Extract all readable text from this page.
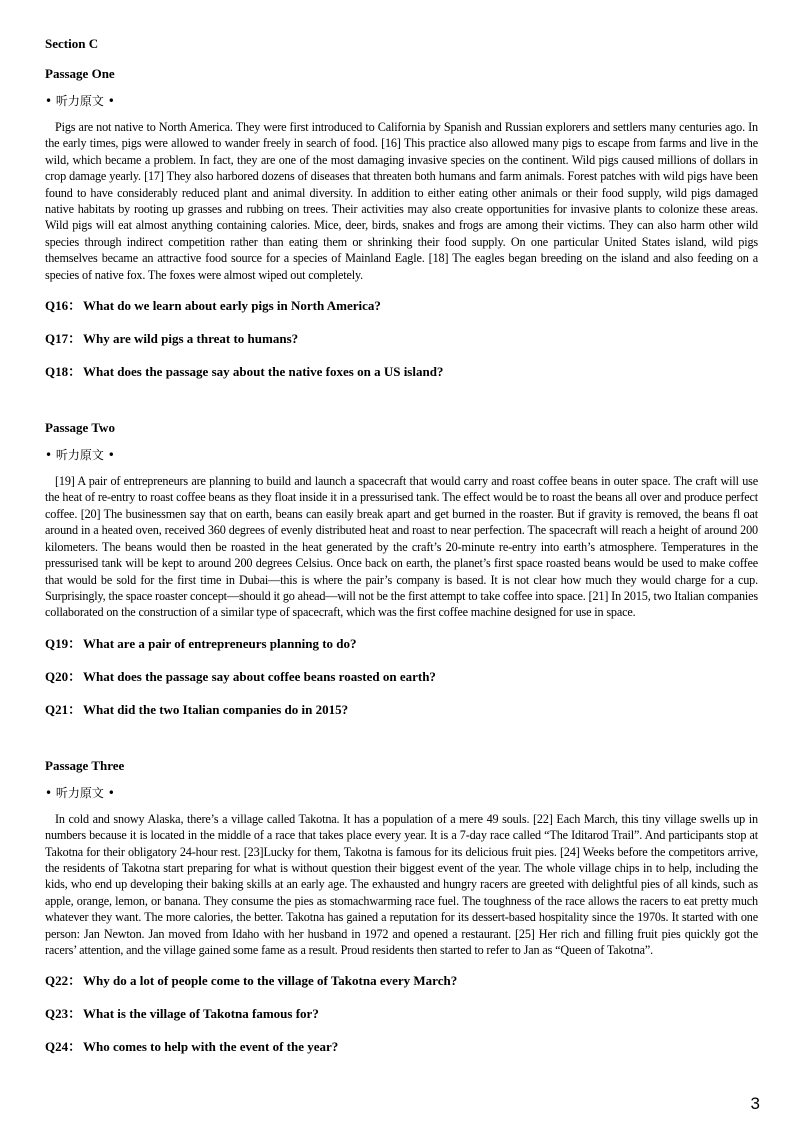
Section C
Passage One
• 听力原文 •

Pigs are not native to North America. They were first introduced to California by Spanish and Russian explorers and settlers many centuries ago. In the early times, pigs were allowed to wander freely in search of food. [16] This practice also allowed many pigs to escape from farms and live in the wild, which became a problem. In fact, they are one of the most damaging invasive species on the continent. Wild pigs caused millions of dollars in crop damage yearly. [17] They also harbored dozens of diseases that threaten both humans and farm animals. Forest patches with wild pigs have been found to have considerably reduced plant and animal diversity. In addition to either eating other animals or their food supply, wild pigs damaged native habitats by rooting up grasses and rubbing on trees. Their activities may also create opportunities for invasive plants to colonize these areas. Wild pigs will eat almost anything containing calories. Mice, deer, birds, snakes and frogs are among their victims. They can also harm other wild species through indirect competition rather than eating them or shrinking their food supply. On one particular United States island, wild pigs themselves became an attractive food source for a species of Mainland Eagle. [18] The eagles began breeding on the island and also feeding on a species of native fox. The foxes were almost wiped out completely.

Q16： What do we learn about early pigs in North America?
Q17： Why are wild pigs a threat to humans?
Q18： What does the passage say about the native foxes on a US island?
Passage Two
• 听力原文 •

[19] A pair of entrepreneurs are planning to build and launch a spacecraft that would carry and roast coffee beans in outer space. The craft will use the heat of re-entry to roast coffee beans as they float inside it in a pressurised tank. The effect would be to roast the beans all over and produce perfect coffee. [20] The businessmen say that on earth, beans can easily break apart and get burned in the roaster. But if gravity is removed, the beans fl oat around in a heated oven, received 360 degrees of evenly distributed heat and roast to near perfection. The spacecraft will reach a height of around 200 kilometers. The beans would then be roasted in the heat generated by the craft’s 20-minute re-entry into earth’s atmosphere. Temperatures in the pressurised tank will be kept to around 200 degrees Celsius. Once back on earth, the planet’s first space roasted beans would be used to make coffee that would be sold for the first time in Dubai—this is where the pair’s company is based. It is not clear how much they would charge for a cup. Surprisingly, the space roaster concept—should it go ahead—will not be the first attempt to take coffee into space. [21] In 2015, two Italian companies collaborated on the construction of a similar type of spacecraft, which was the first coffee machine designed for use in space.

Q19： What are a pair of entrepreneurs planning to do?
Q20： What does the passage say about coffee beans roasted on earth?
Q21： What did the two Italian companies do in 2015?
Passage Three
• 听力原文 •

In cold and snowy Alaska, there’s a village called Takotna. It has a population of a mere 49 souls. [22] Each March, this tiny village swells up in numbers because it is located in the middle of a race that takes place every year. It is a 7-day race called “The Iditarod Trail”. And participants stop at Takotna for their obligatory 24-hour rest. [23]Lucky for them, Takotna is famous for its delicious fruit pies. [24] Weeks before the competitors arrive, the residents of Takotna start preparing for what is without question their biggest event of the year. The whole village chips in to help, including the kids, who end up developing their baking skills at an early age. The exhausted and hungry racers are greeted with delightful pies of all kinds, such as apple, orange, lemon, or banana. They consume the pies as stomachwarming race fuel. The toughness of the race allows the racers to eat pretty much whatever they want. The more calories, the better. Takotna has gained a reputation for its dessert-based hospitality since the 1970s. It started with one person: Jan Newton. Jan moved from Idaho with her husband in 1972 and opened a restaurant. [25] Her rich and filling fruit pies quickly got the racers’ attention, and the village gained some fame as a result. Proud residents then started to refer to Jan as “Queen of Takotna”.

Q22： Why do a lot of people come to the village of Takotna every March?
Q23： What is the village of Takotna famous for?
Q24： Who comes to help with the event of the year?
3
